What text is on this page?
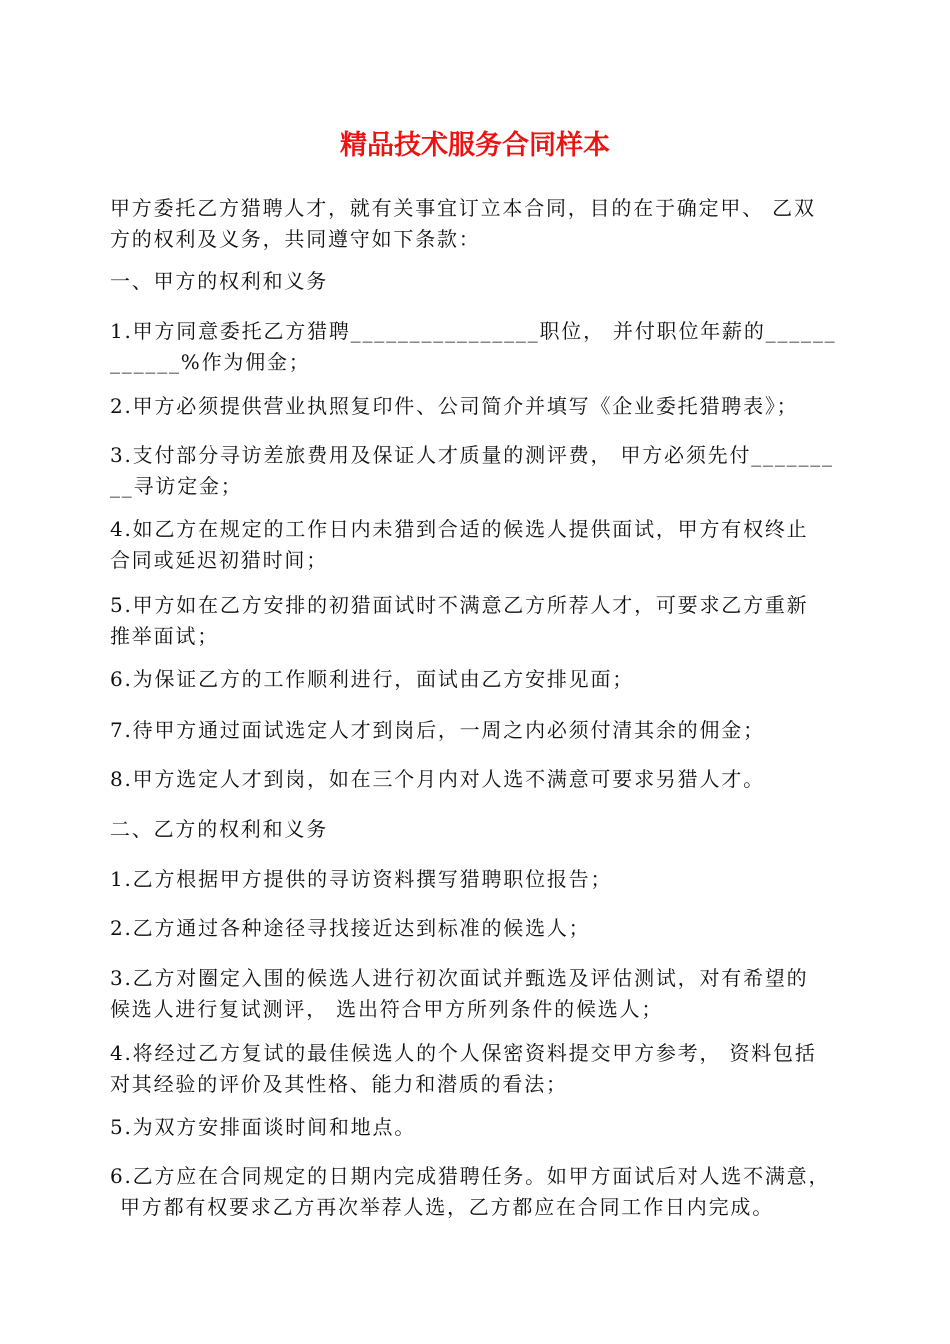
精品技术服务合同样本
甲方委托乙方猎聘人才，就有关事宜订立本合同，目的在于确定甲、 乙双
方的权利及义务，共同遵守如下条款：
一、甲方的权利和义务
1.甲方同意委托乙方猎聘________________职位， 并付职位年薪的______
______%作为佣金；
2.甲方必须提供营业执照复印件、公司简介并填写《企业委托猎聘表》；
3.支付部分寻访差旅费用及保证人才质量的测评费， 甲方必须先付_______
__寻访定金；
4.如乙方在规定的工作日内未猎到合适的候选人提供面试，甲方有权终止
合同或延迟初猎时间；
5.甲方如在乙方安排的初猎面试时不满意乙方所荐人才，可要求乙方重新
推举面试；
6.为保证乙方的工作顺利进行，面试由乙方安排见面；
7.待甲方通过面试选定人才到岗后，一周之内必须付清其余的佣金；
8.甲方选定人才到岗，如在三个月内对人选不满意可要求另猎人才。
二、乙方的权利和义务
1.乙方根据甲方提供的寻访资料撰写猎聘职位报告；
2.乙方通过各种途径寻找接近达到标准的候选人；
3.乙方对圈定入围的候选人进行初次面试并甄选及评估测试，对有希望的
候选人进行复试测评， 选出符合甲方所列条件的候选人；
4.将经过乙方复试的最佳候选人的个人保密资料提交甲方参考， 资料包括
对其经验的评价及其性格、能力和潜质的看法；
5.为双方安排面谈时间和地点。
6.乙方应在合同规定的日期内完成猎聘任务。如甲方面试后对人选不满意，
甲方都有权要求乙方再次举荐人选，乙方都应在合同工作日内完成。
